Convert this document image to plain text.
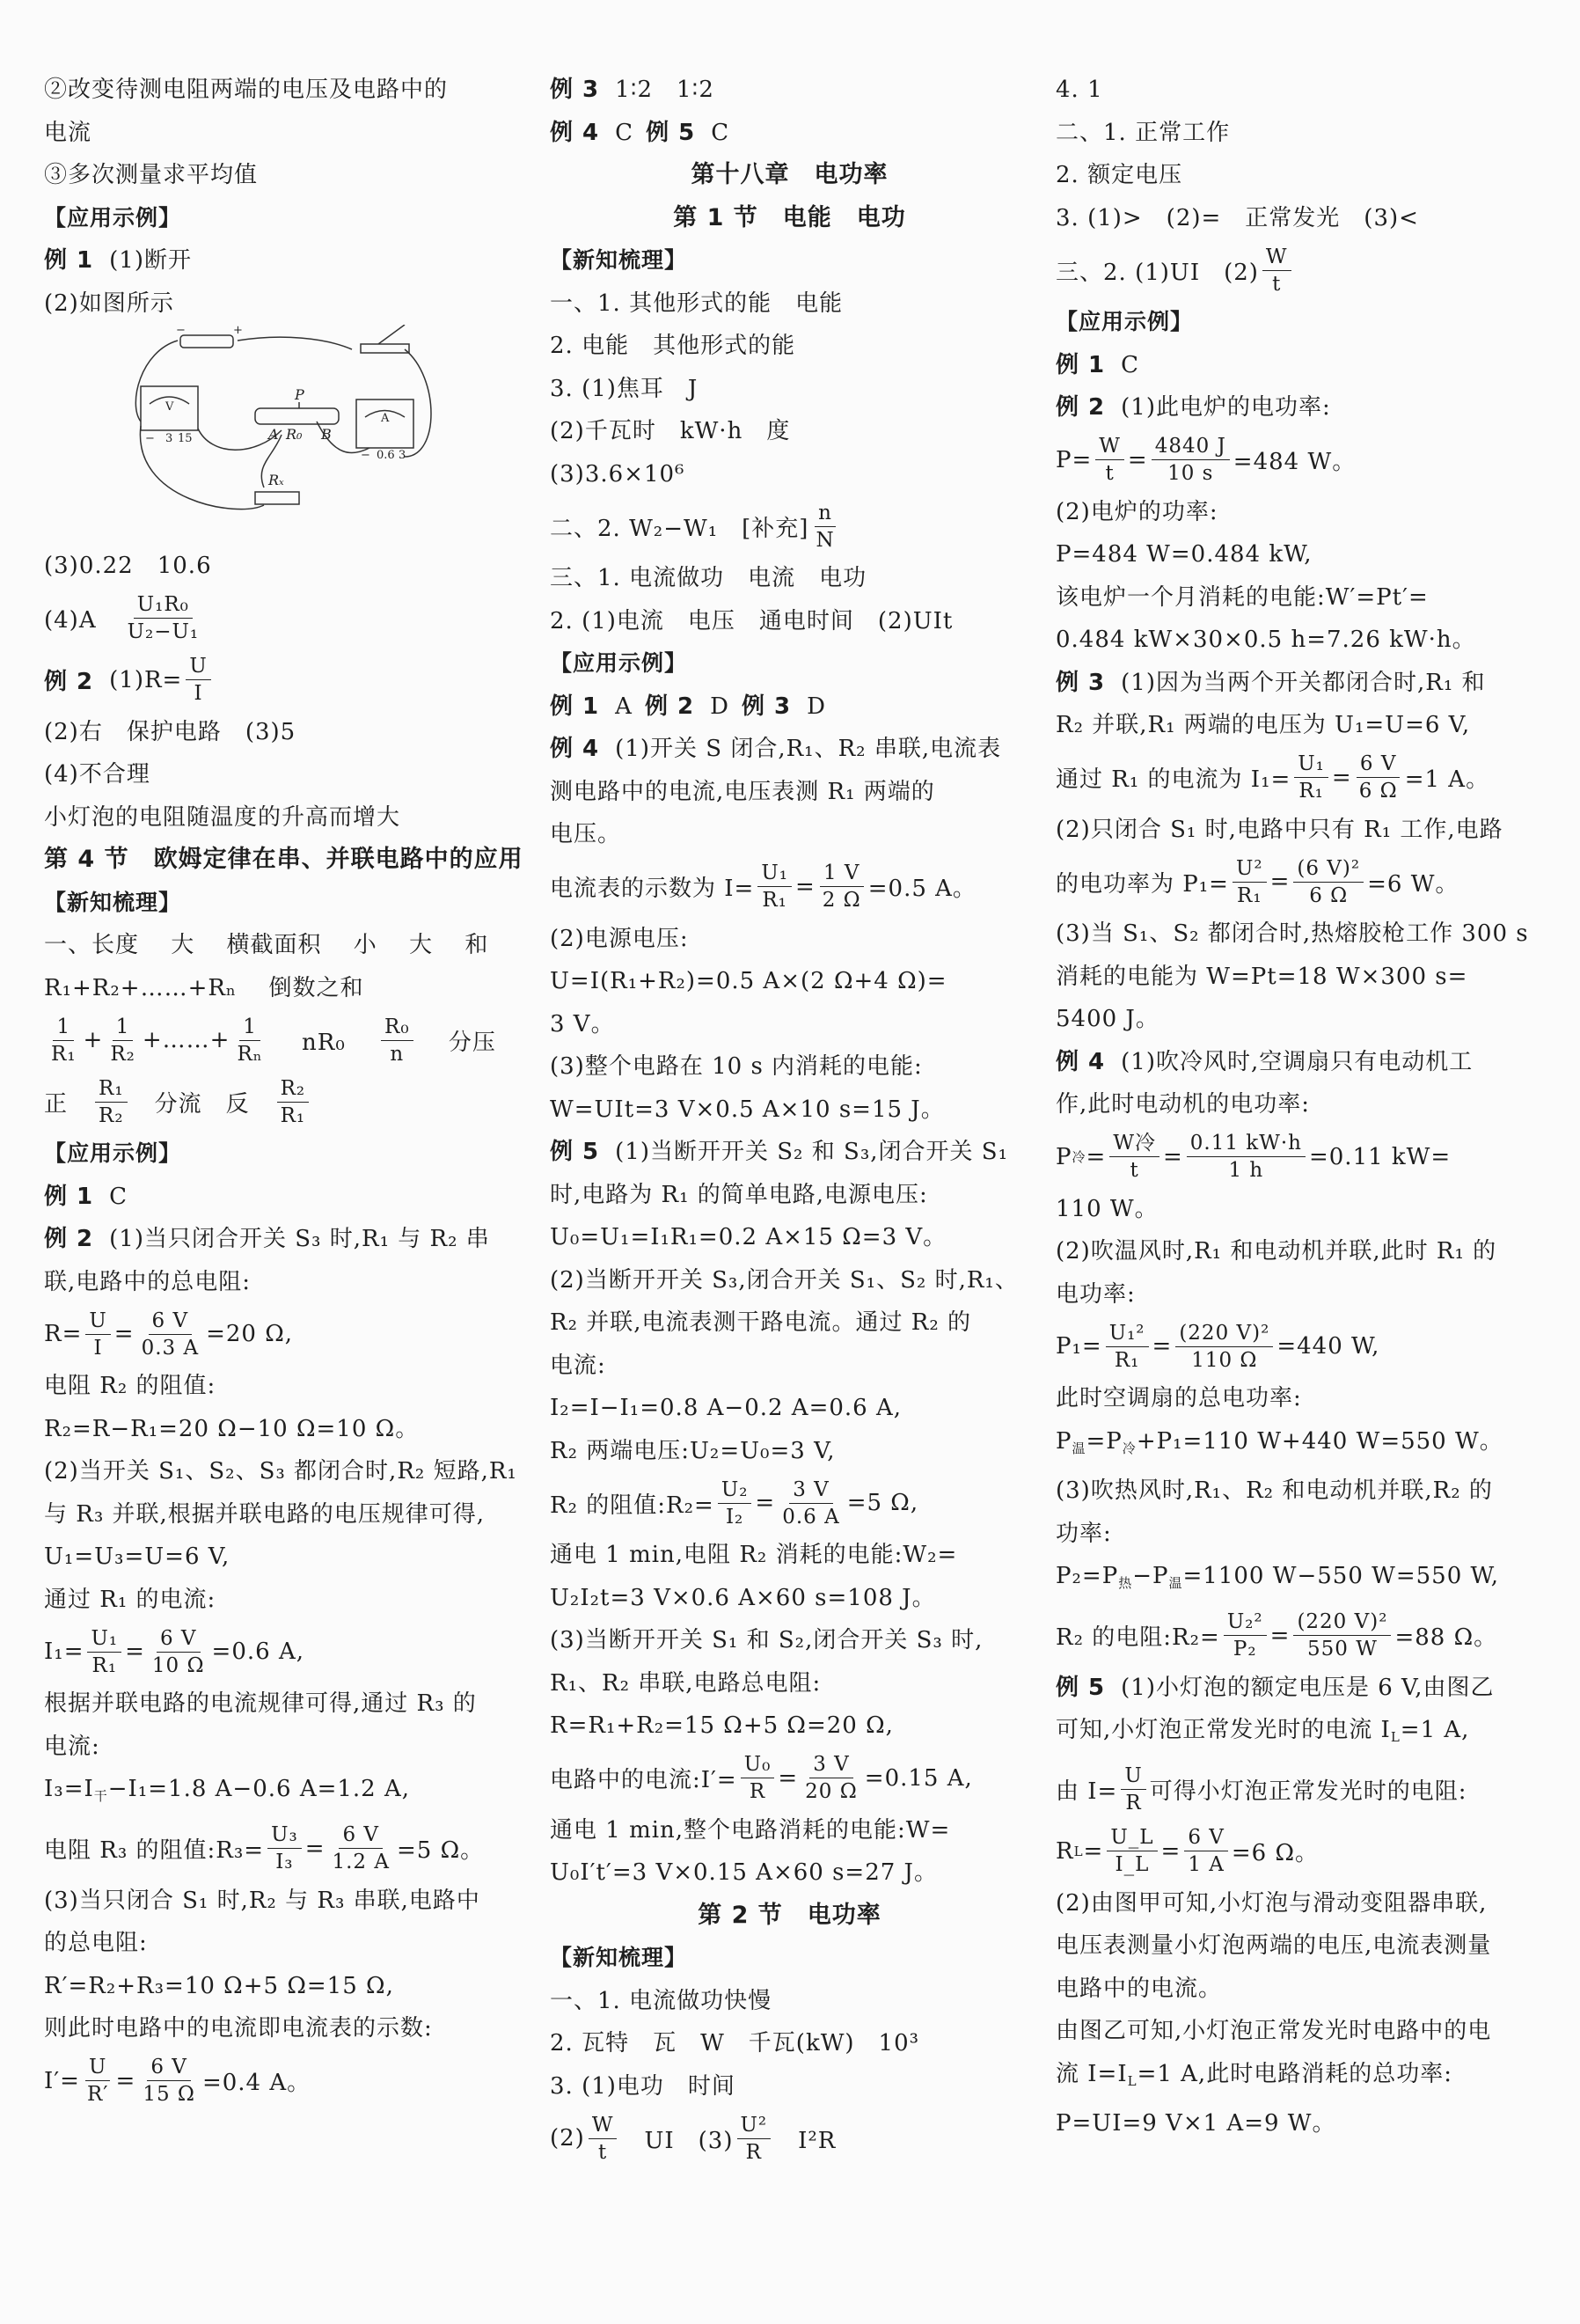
②改变待测电阻两端的电压及电路中的
电流
③多次测量求平均值
【应用示例】
例 1 (1)断开
(2)如图所示
−	+
P
A R₀ B
Rₓ
V
A
− 3 15
− 0.6 3
(3)0.22　10.6
(4)A　 $\frac{\text{U₁R₀}}{\text{U₂−U₁}}$
例 2 $(1)R= \frac{U}{I}$
(2)右　保护电路　(3)5
(4)不合理
小灯泡的电阻随温度的升高而增大
第 4 节　欧姆定律在串、并联电路中的应用
【新知梳理】
一、长度　 大　 横截面积　 小　 大　 和
R₁+R₂+……+Rₙ　 倒数之和
$\frac{1}{\text{R₁}} + \frac{1}{\text{R₂}}$ +……+ $\frac{1}{\text{Rₙ}}$ 　 nR₀　 $\frac{\text{R₀}}{n}$ 　 分压
正　 $\frac{\text{R₁}}{\text{R₂}}$ 　分流　反　 $\frac{\text{R₂}}{\text{R₁}}$
【应用示例】
例 1 C
例 2 (1)当只闭合开关 S₃ 时,R₁ 与 R₂ 串
联,电路中的总电阻:
$R= \frac{U}{I} = \frac{6 V}{0.3 A} =20$ Ω,
电阻 R₂ 的阻值:
R₂=R−R₁=20 Ω−10 Ω=10 Ω。
(2)当开关 S₁、S₂、S₃ 都闭合时,R₂ 短路,R₁
与 R₃ 并联,根据并联电路的电压规律可得,
U₁=U₃=U=6 V,
通过 R₁ 的电流:
$I_1= \frac{\text{U₁}}{\text{R₁}} = \frac{6 V}{10 \Omega} =0.6$ A,
根据并联电路的电流规律可得,通过 R₃ 的
电流:
$I_3=I_干-I_1=1.8$ A−0.6 A=1.2 A,
电阻 R₃ 的阻值:R₃= $\frac{\text{U₃}}{\text{I₃}} = \frac{6 V}{1.2 A} =5$ Ω。
(3)当只闭合 S₁ 时,R₂ 与 R₃ 串联,电路中
的总电阻:
R′=R₂+R₃=10 Ω+5 Ω=15 Ω,
则此时电路中的电流即电流表的示数:
$I'= \frac{U}{R'} = \frac{6 V}{15 \Omega} =0.4$ A。
例 3 1∶2　1∶2
例 4 C 例 5 C
第十八章　电功率
第 1 节　电能　电功
【新知梳理】
一、1. 其他形式的能　电能
2. 电能　其他形式的能
3. (1)焦耳　J
(2)千瓦时　kW·h　度
(3)3.6×10⁶
二、2. W₂−W₁　[补充] $\frac{n}{N}$
三、1. 电流做功　电流　电功
2. (1)电流　电压　通电时间　(2)UIt
【应用示例】
例 1 A 例 2 D 例 3 D
例 4 (1)开关 S 闭合,R₁、R₂ 串联,电流表
测电路中的电流,电压表测 R₁ 两端的
电压。
电流表的示数为 $I= \frac{\text{U₁}}{\text{R₁}} = \frac{1 V}{2 \Omega} =0.5$ A。
(2)电源电压:
U=I(R₁+R₂)=0.5 A×(2 Ω+4 Ω)=
3 V。
(3)整个电路在 10 s 内消耗的电能:
W=UIt=3 V×0.5 A×10 s=15 J。
例 5 (1)当断开开关 S₂ 和 S₃,闭合开关 S₁
时,电路为 R₁ 的简单电路,电源电压:
U₀=U₁=I₁R₁=0.2 A×15 Ω=3 V。
(2)当断开开关 S₃,闭合开关 S₁、S₂ 时,R₁、
R₂ 并联,电流表测干路电流。通过 R₂ 的
电流:
I₂=I−I₁=0.8 A−0.2 A=0.6 A,
R₂ 两端电压:U₂=U₀=3 V,
R₂ 的阻值:R₂= $\frac{\text{U₂}}{\text{I₂}} = \frac{3 V}{0.6 A} =5$ Ω,
通电 1 min,电阻 R₂ 消耗的电能:W₂=
U₂I₂t=3 V×0.6 A×60 s=108 J。
(3)当断开开关 S₁ 和 S₂,闭合开关 S₃ 时,
R₁、R₂ 串联,电路总电阻:
R=R₁+R₂=15 Ω+5 Ω=20 Ω,
电路中的电流:I′= $\frac{\text{U₀}}{R} = \frac{3 V}{20 \Omega} =0.15$ A,
通电 1 min,整个电路消耗的电能:W=
U₀I′t′=3 V×0.15 A×60 s=27 J。
第 2 节　电功率
【新知梳理】
一、1. 电流做功快慢
2. 瓦特　瓦　W　千瓦(kW)　10³
3. (1)电功　时间
$(2) \frac{W}{t}$ 　UI　$(3) \frac{\text{U²}}{R}$ 　I²R
4. 1
二、1. 正常工作
2. 额定电压
3. (1)>　(2)=　正常发光　(3)<
三、2. (1)UI　$(2) \frac{W}{t}$
【应用示例】
例 1 C
例 2 (1)此电炉的电功率:
$P= \frac{W}{t} = \frac{4840 J}{10 s} =484$ W。
(2)电炉的功率:
P=484 W=0.484 kW,
该电炉一个月消耗的电能:W′=Pt′=
0.484 kW×30×0.5 h=7.26 kW·h。
例 3 (1)因为当两个开关都闭合时,R₁ 和
R₂ 并联,R₁ 两端的电压为 U₁=U=6 V,
通过 R₁ 的电流为 $I_1= \frac{\text{U₁}}{\text{R₁}} = \frac{6 V}{6 \Omega} =1$ A。
(2)只闭合 S₁ 时,电路中只有 R₁ 工作,电路
的电功率为 $P_1= \frac{\text{U²}}{\text{R₁}} = \frac{\text{(6 V)²}}{6 \Omega} =6$ W。
(3)当 S₁、S₂ 都闭合时,热熔胶枪工作 300 s
消耗的电能为 W=Pt=18 W×300 s=
5400 J。
例 4 (1)吹冷风时,空调扇只有电动机工
作,此时电动机的电功率:
P 冷 =
W冷
t
= $\frac{0.11 kW\cdot h}{1 h} =0.11$ kW=
110 W。
(2)吹温风时,R₁ 和电动机并联,此时 R₁ 的
电功率:
$P_1= \frac{\text{U₁²}}{\text{R₁}} = \frac{\text{(220 V)²}}{110 \Omega} =440$ W,
此时空调扇的总电功率:
$P_温=P_冷+P_1=110$ W+440 W=550 W。
(3)吹热风时,R₁、R₂ 和电动机并联,R₂ 的
功率:
$P_2=P_热-P_温=1100$ W−550 W=550 W,
R₂ 的电阻:R₂= $\frac{\text{U₂²}}{\text{P₂}} = \frac{\text{(220 V)²}}{550 W} =88$ Ω。
例 5 (1)小灯泡的额定电压是 6 V,由图乙
可知,小灯泡正常发光时的电流 $I_L=1$ A,
由 $I= \frac{U}{R}$ 可得小灯泡正常发光时的电阻:
R $L = \frac{U\_L}{I\_L} = \frac{6 V}{1 A} =6$ Ω。
(2)由图甲可知,小灯泡与滑动变阻器串联,
电压表测量小灯泡两端的电压,电流表测量
电路中的电流。
由图乙可知,小灯泡正常发光时电路中的电
流 $I=I_L=1$ A,此时电路消耗的总功率:
P=UI=9 V×1 A=9 W。
